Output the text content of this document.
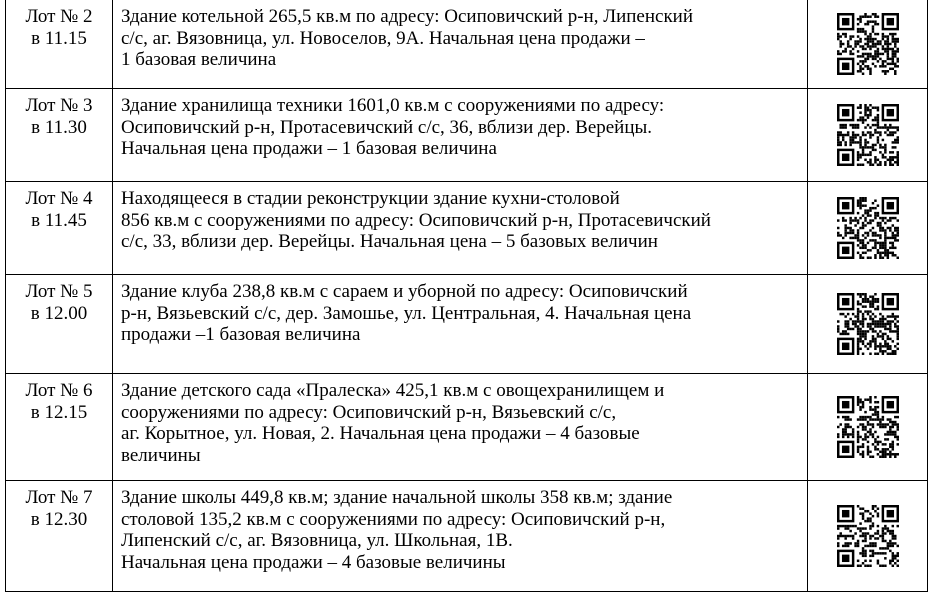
Лот № 2
в 11.15	Здание котельной 265,5 кв.м по адресу: Осиповичский р-н, Липенский
с/с, аг. Вязовница, ул. Новоселов, 9А. Начальная цена продажи –
1 базовая величина

Лот № 3
в 11.30	Здание хранилища техники 1601,0 кв.м с сооружениями по адресу:
Осиповичский р-н, Протасевичский с/с, 36, вблизи дер. Верейцы.
Начальная цена продажи – 1 базовая величина

Лот № 4
в 11.45	Находящееся в стадии реконструкции здание кухни-столовой
856 кв.м с сооружениями по адресу: Осиповичский р-н, Протасевичский
с/с, 33, вблизи дер. Верейцы. Начальная цена – 5 базовых величин

Лот № 5
в 12.00	Здание клуба 238,8 кв.м с сараем и уборной по адресу: Осиповичский
р-н, Вязьевский с/с, дер. Замошье, ул. Центральная, 4. Начальная цена
продажи –1 базовая величина

Лот № 6
в 12.15	Здание детского сада «Пралеска» 425,1 кв.м с овощехранилищем и
сооружениями по адресу: Осиповичский р-н, Вязьевский с/с,
аг. Корытное, ул. Новая, 2. Начальная цена продажи – 4 базовые
величины

Лот № 7
в 12.30	Здание школы 449,8 кв.м; здание начальной школы 358 кв.м; здание
столовой 135,2 кв.м с сооружениями по адресу: Осиповичский р-н,
Липенский с/с, аг. Вязовница, ул. Школьная, 1В.
Начальная цена продажи – 4 базовые величины
